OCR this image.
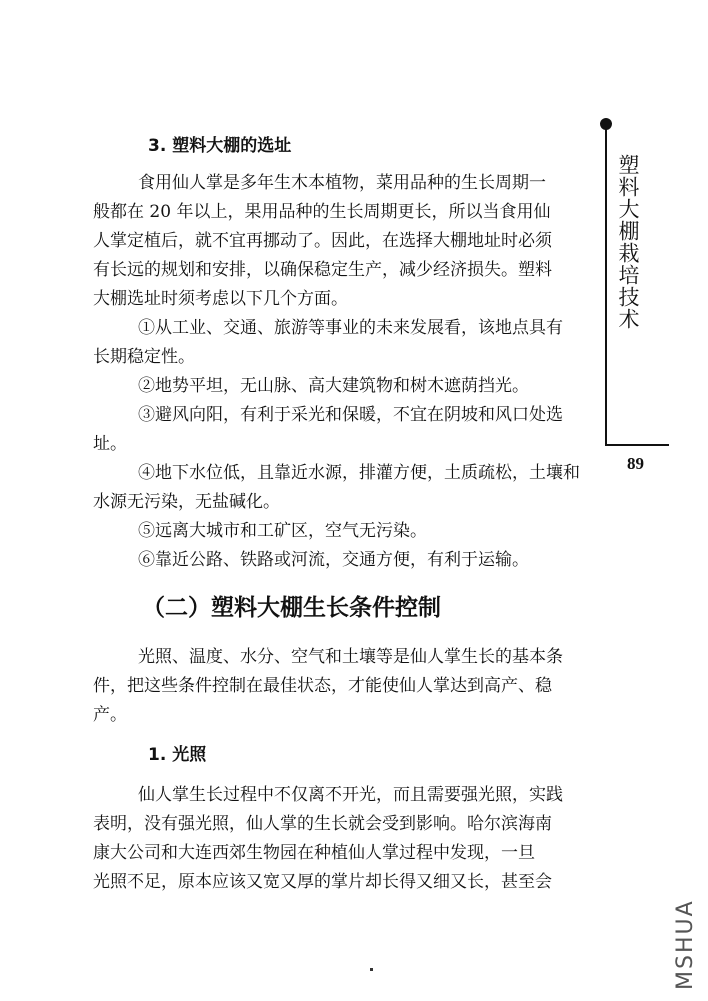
塑料大棚栽培技术
89
3. 塑料大棚的选址
食用仙人掌是多年生木本植物，菜用品种的生长周期一
般都在 20 年以上，果用品种的生长周期更长，所以当食用仙
人掌定植后，就不宜再挪动了。因此，在选择大棚地址时必须
有长远的规划和安排，以确保稳定生产，减少经济损失。塑料
大棚选址时须考虑以下几个方面。
①从工业、交通、旅游等事业的未来发展看，该地点具有
长期稳定性。
②地势平坦，无山脉、高大建筑物和树木遮荫挡光。
③避风向阳，有利于采光和保暖，不宜在阴坡和风口处选
址。
④地下水位低，且靠近水源，排灌方便，土质疏松，土壤和
水源无污染，无盐碱化。
⑤远离大城市和工矿区，空气无污染。
⑥靠近公路、铁路或河流，交通方便，有利于运输。
（二）塑料大棚生长条件控制
光照、温度、水分、空气和土壤等是仙人掌生长的基本条
件，把这些条件控制在最佳状态，才能使仙人掌达到高产、稳
产。
1. 光照
仙人掌生长过程中不仅离不开光，而且需要强光照，实践
表明，没有强光照，仙人掌的生长就会受到影响。哈尔滨海南
康大公司和大连西郊生物园在种植仙人掌过程中发现，一旦
光照不足，原本应该又宽又厚的掌片却长得又细又长，甚至会
MSHUA
